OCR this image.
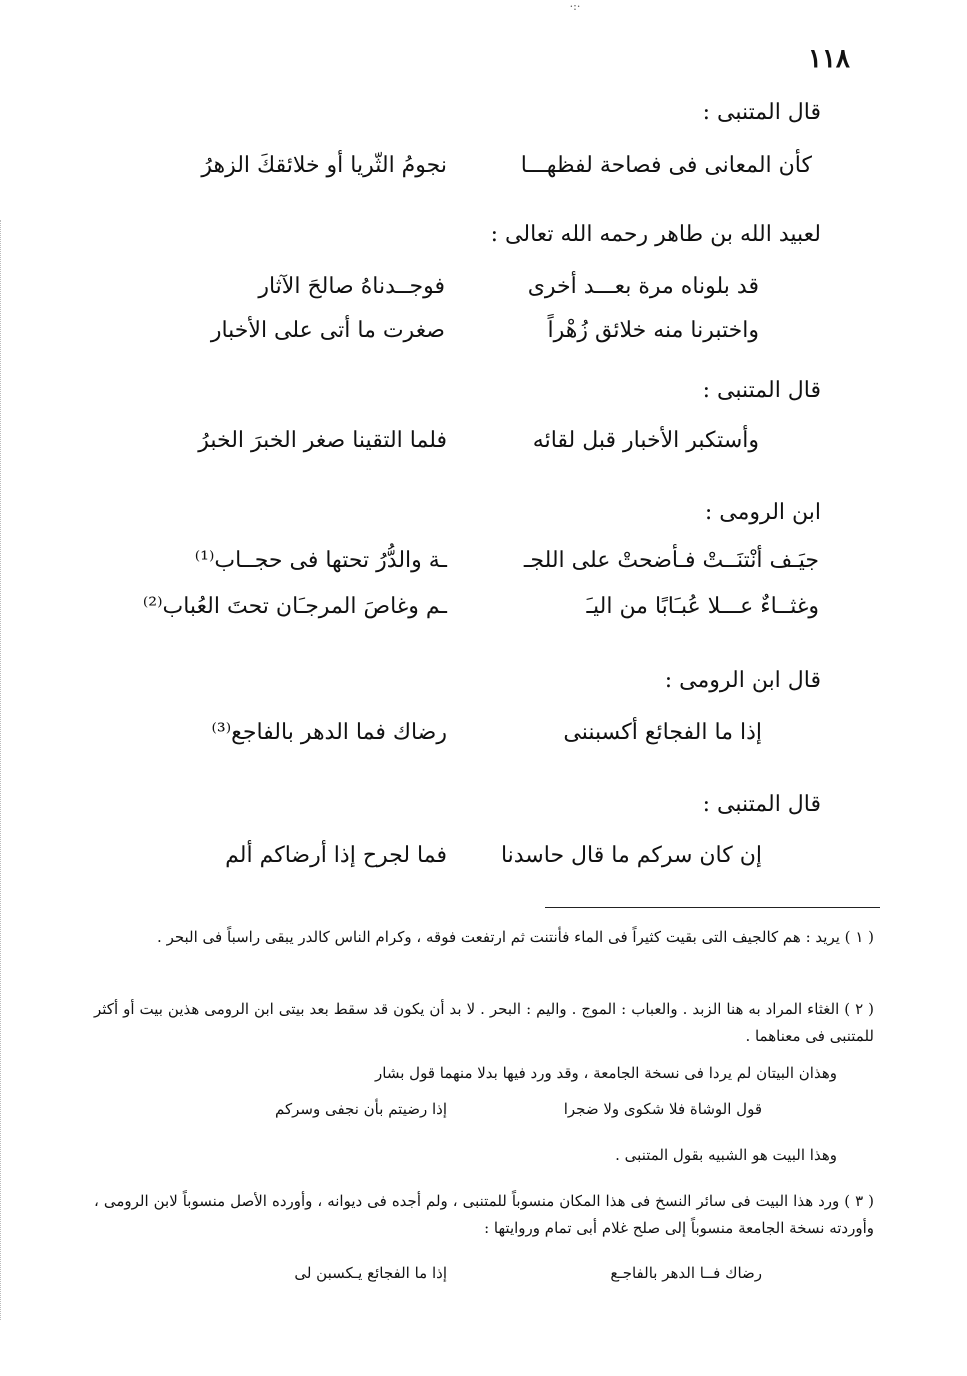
·:·
١١٨
قال المتنبى :
كأن المعانى فى فصاحة لفظهـــا
نجومُ الثّريا أو خلائقكَ الزهرُ
لعبيد الله بن طاهر رحمه الله تعالى :
قد بلوناه مرة بعـــد أخرى
فوجــدناهُ صالحَ الآثار
واختبرنا منه خلائق زُهْراً
صغرت ما أتى على الأخبار
قال المتنبى :
وأستكبر الأخبار قبل لقائه
فلما التقينا صغر الخبرَ الخبرُ
ابن الرومى :
جيَـف أنْتنَــتْ فـأضحتْ على اللجـ
ـة والدُّرُ تحتها فى حجــاب⁽¹⁾
وغثــاءٌ عـــلا عُبـَابًا من اليـَ
ـم وغاصَ المرجـَان تحتَ العُباب⁽²⁾
قال ابن الرومى :
إذا ما الفجائع أكسبننى
رضاك فما الدهر بالفاجع⁽³⁾
قال المتنبى :
إن كان سركم ما قال حاسدنا
فما لجرح إذا أرضاكم ألم
( ١ ) يريد : هم كالجيف التى بقيت كثيراً فى الماء فأنتنت ثم ارتفعت فوقه ، وكرام الناس كالدر يبقى راسباً فى البحر .
( ٢ ) الغثاء المراد به هنا الزبد . والعباب : الموج . واليم : البحر . لا بد أن يكون قد سقط بعد بيتى ابن الرومى هذين بيت أو أكثر للمتنبى فى معناهما .
وهذان البيتان لم يردا فى نسخة الجامعة ، وقد ورد فيها بدلا منهما قول بشار
قول الوشاة فلا شكوى ولا ضجرا
إذا رضيتم بأن نجفى وسركم
وهذا البيت هو الشبيه بقول المتنبى .
( ٣ ) ورد هذا البيت فى سائر النسخ فى هذا المكان منسوباً للمتنبى ، ولم أجده فى ديوانه ، وأورده الأصل منسوباً لابن الرومى ، وأوردته نسخة الجامعة منسوباً إلى صلح غلام أبى تمام وروايتها :
رضاك فــا الدهر بالفاجـع
إذا ما الفجائع يـكسبن لى
